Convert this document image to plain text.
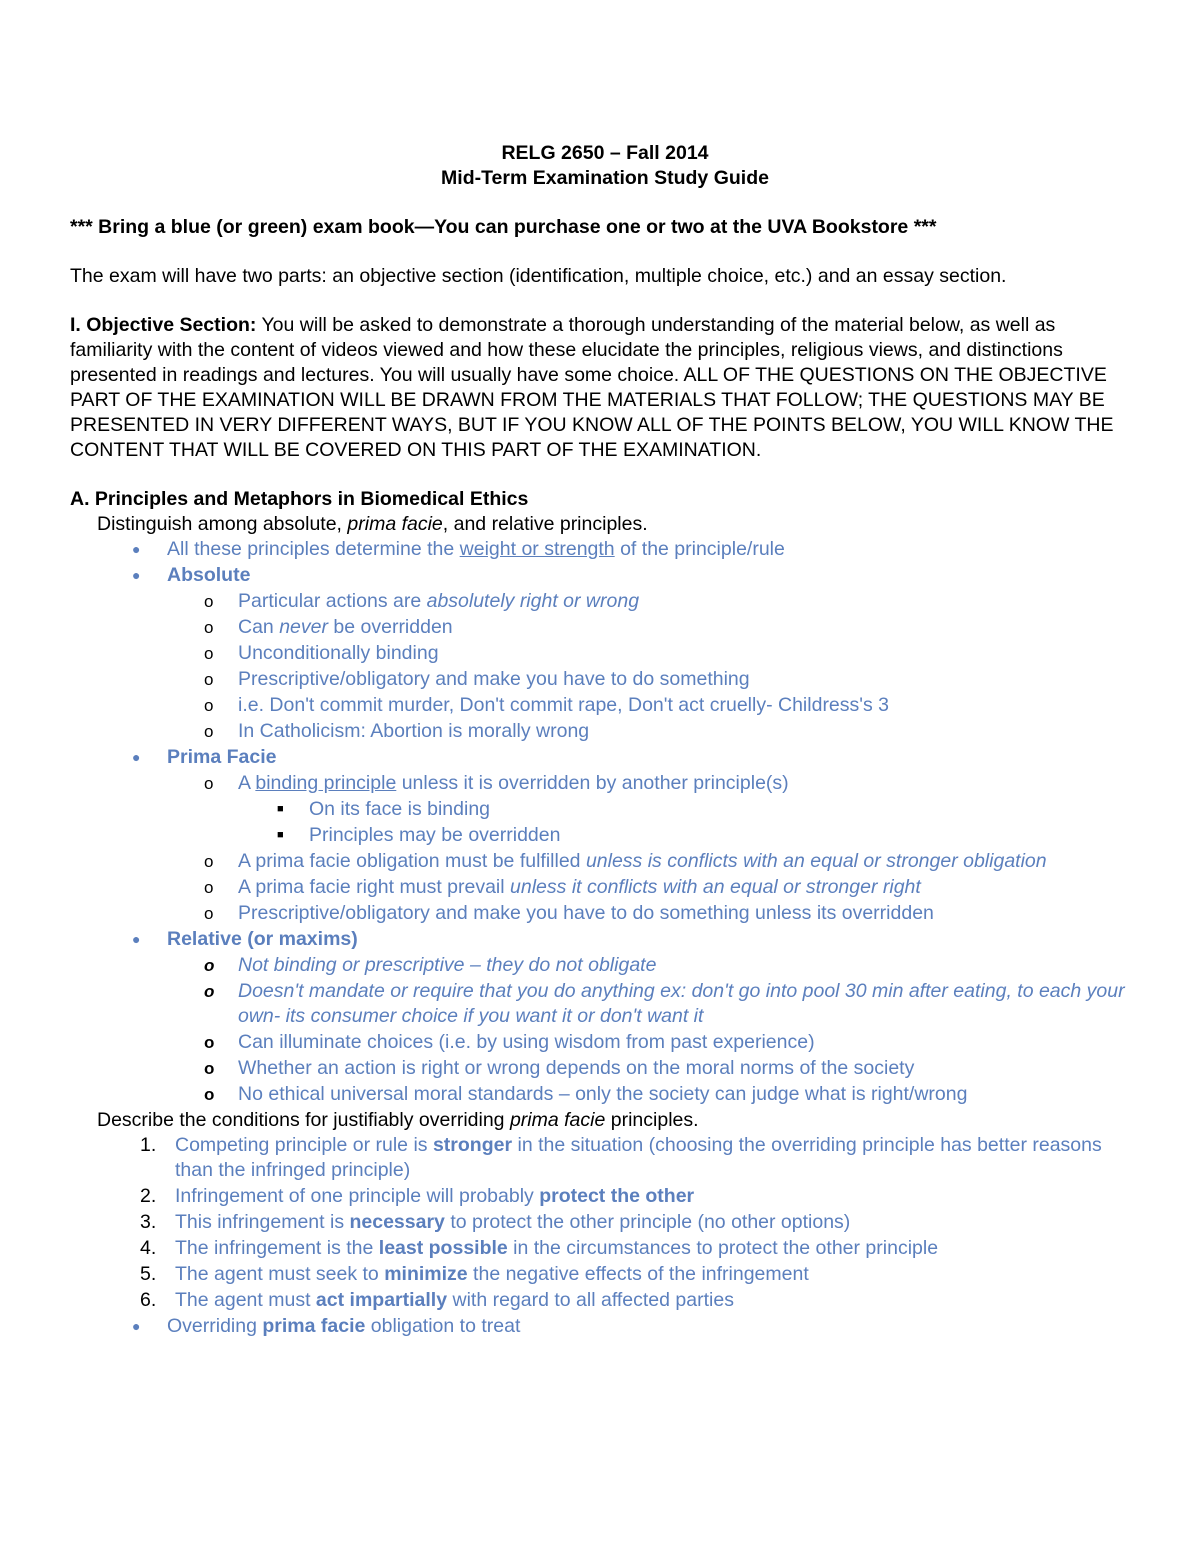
RELG 2650 – Fall 2014

Mid-Term Examination Study Guide

*** Bring a blue (or green) exam book—You can purchase one or two at the UVA Bookstore ***

The exam will have two parts: an objective section (identification, multiple choice, etc.) and an essay section.

I. Objective Section: You will be asked to demonstrate a thorough understanding of the material below, as well as familiarity with the content of videos viewed and how these elucidate the principles, religious views, and distinctions presented in readings and lectures. You will usually have some choice. ALL OF THE QUESTIONS ON THE OBJECTIVE PART OF THE EXAMINATION WILL BE DRAWN FROM THE MATERIALS THAT FOLLOW; THE QUESTIONS MAY BE PRESENTED IN VERY DIFFERENT WAYS, BUT IF YOU KNOW ALL OF THE POINTS BELOW, YOU WILL KNOW THE CONTENT THAT WILL BE COVERED ON THIS PART OF THE EXAMINATION.

A. Principles and Metaphors in Biomedical Ethics

Distinguish among absolute, prima facie, and relative principles.

● All these principles determine the weight or strength of the principle/rule
● Absolute
o Particular actions are absolutely right or wrong
o Can never be overridden
o Unconditionally binding
o Prescriptive/obligatory and make you have to do something
o i.e. Don't commit murder, Don't commit rape, Don't act cruelly- Childress's 3
o In Catholicism: Abortion is morally wrong
● Prima Facie
o A binding principle unless it is overridden by another principle(s)
■ On its face is binding
■ Principles may be overridden
o A prima facie obligation must be fulfilled unless is conflicts with an equal or stronger obligation
o A prima facie right must prevail unless it conflicts with an equal or stronger right
o Prescriptive/obligatory and make you have to do something unless its overridden
● Relative (or maxims)
o Not binding or prescriptive – they do not obligate
o Doesn't mandate or require that you do anything ex: don't go into pool 30 min after eating, to each your own- its consumer choice if you want it or don't want it
o Can illuminate choices (i.e. by using wisdom from past experience)
o Whether an action is right or wrong depends on the moral norms of the society
o No ethical universal moral standards – only the society can judge what is right/wrong

Describe the conditions for justifiably overriding prima facie principles.

1. Competing principle or rule is stronger in the situation (choosing the overriding principle has better reasons than the infringed principle)
2. Infringement of one principle will probably protect the other
3. This infringement is necessary to protect the other principle (no other options)
4. The infringement is the least possible in the circumstances to protect the other principle
5. The agent must seek to minimize the negative effects of the infringement
6. The agent must act impartially with regard to all affected parties
● Overriding prima facie obligation to treat
